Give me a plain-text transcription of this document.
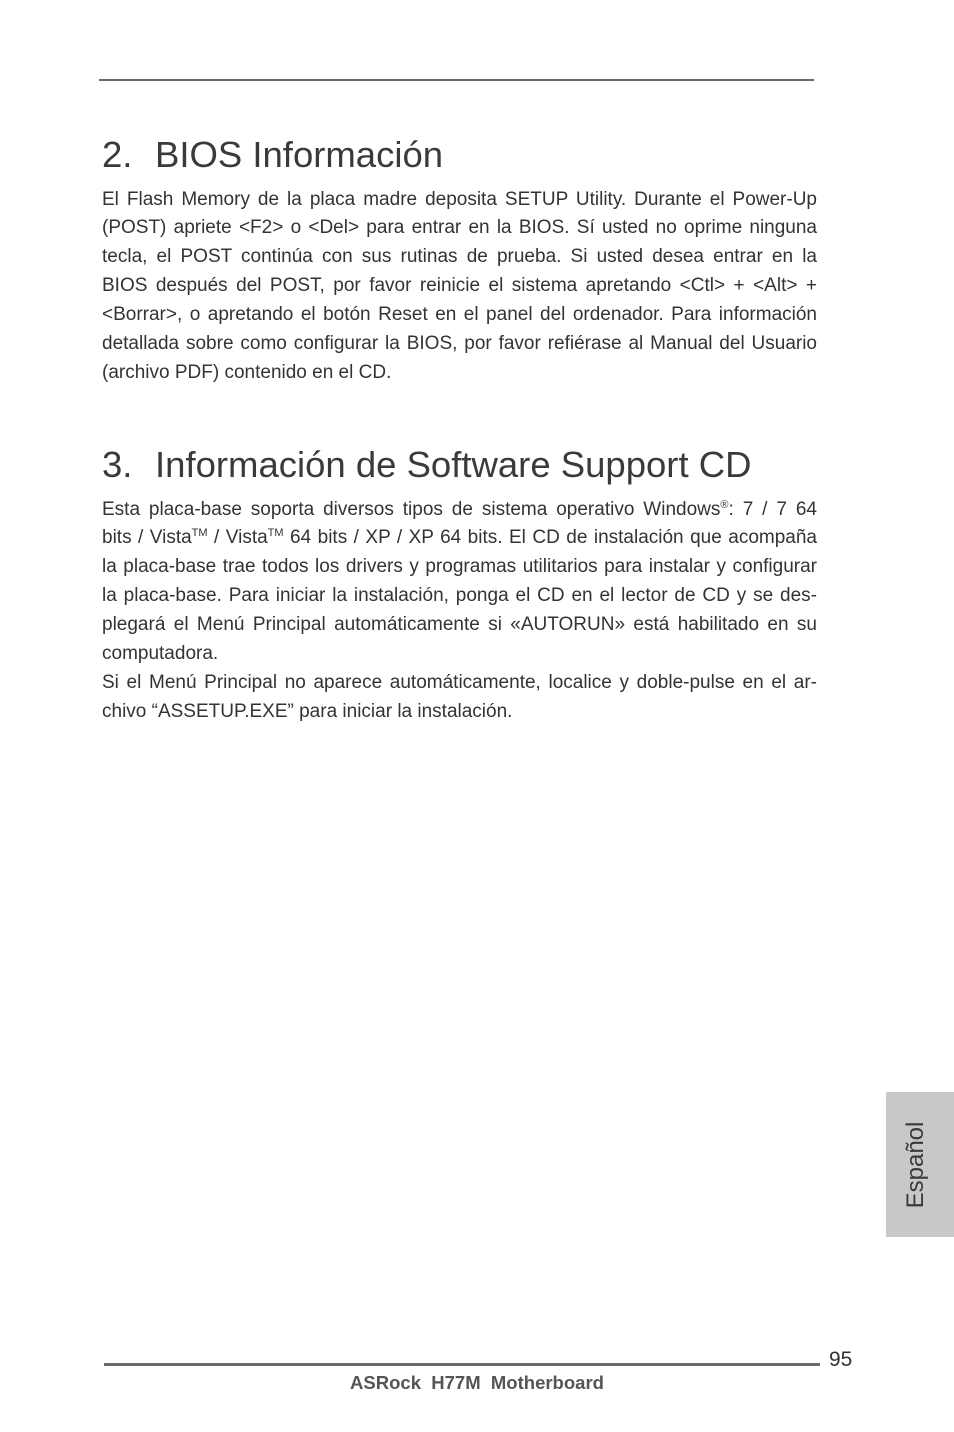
2. BIOS Información
El Flash Memory de la placa madre deposita SETUP Utility. Durante el Power-Up
(POST) apriete <F2> o <Del> para entrar en la BIOS. Sí usted no oprime ninguna
tecla, el POST continúa con sus rutinas de prueba. Si usted desea entrar en la
BIOS después del POST, por favor reinicie el sistema apretando <Ctl> + <Alt> +
<Borrar>, o apretando el botón Reset en el panel del ordenador. Para información
detallada sobre como configurar la BIOS, por favor refiérase al Manual del Usuario
(archivo PDF) contenido en el CD.
3. Información de Software Support CD
Esta placa-base soporta diversos tipos de sistema operativo Windows®: 7 / 7 64
bits / Vista™ / Vista™ 64 bits / XP / XP 64 bits. El CD de instalación que acompaña
la placa-base trae todos los drivers y programas utilitarios para instalar y configurar
la placa-base. Para iniciar la instalación, ponga el CD en el lector de CD y se des-
plegará el Menú Principal automáticamente si «AUTORUN» está habilitado en su
computadora.
Si el Menú Principal no aparece automáticamente, localice y doble-pulse en el ar-
chivo “ASSETUP.EXE” para iniciar la instalación.
Español
95
ASRock  H77M  Motherboard
